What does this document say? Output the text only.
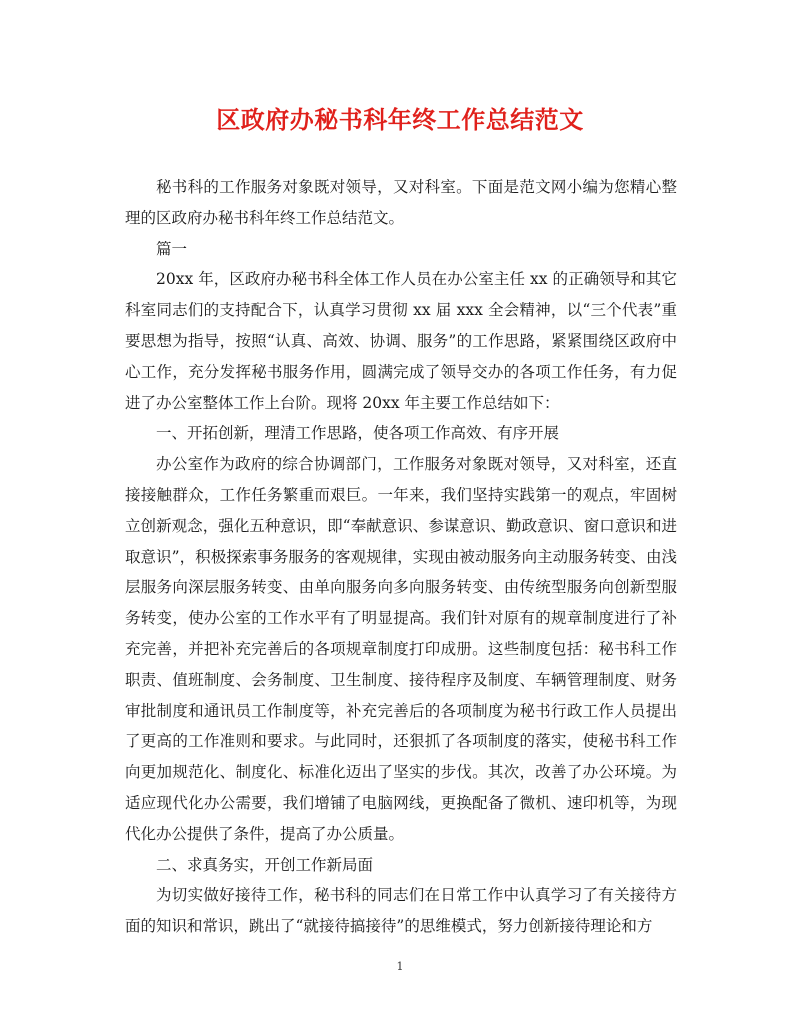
区政府办秘书科年终工作总结范文

秘书科的工作服务对象既对领导，又对科室。下面是范文网小编为您精心整理的区政府办秘书科年终工作总结范文。

篇一

20xx 年，区政府办秘书科全体工作人员在办公室主任 xx 的正确领导和其它科室同志们的支持配合下，认真学习贯彻 xx 届 xxx 全会精神，以“三个代表”重要思想为指导，按照“认真、高效、协调、服务”的工作思路，紧紧围绕区政府中心工作，充分发挥秘书服务作用，圆满完成了领导交办的各项工作任务，有力促进了办公室整体工作上台阶。现将 20xx 年主要工作总结如下：

一、开拓创新，理清工作思路，使各项工作高效、有序开展

办公室作为政府的综合协调部门，工作服务对象既对领导，又对科室，还直接接触群众，工作任务繁重而艰巨。一年来，我们坚持实践第一的观点，牢固树立创新观念，强化五种意识，即“奉献意识、参谋意识、勤政意识、窗口意识和进取意识”，积极探索事务服务的客观规律，实现由被动服务向主动服务转变、由浅层服务向深层服务转变、由单向服务向多向服务转变、由传统型服务向创新型服务转变，使办公室的工作水平有了明显提高。我们针对原有的规章制度进行了补充完善，并把补充完善后的各项规章制度打印成册。这些制度包括：秘书科工作职责、值班制度、会务制度、卫生制度、接待程序及制度、车辆管理制度、财务审批制度和通讯员工作制度等，补充完善后的各项制度为秘书行政工作人员提出了更高的工作准则和要求。与此同时，还狠抓了各项制度的落实，使秘书科工作向更加规范化、制度化、标准化迈出了坚实的步伐。其次，改善了办公环境。为适应现代化办公需要，我们增铺了电脑网线，更换配备了微机、速印机等，为现代化办公提供了条件，提高了办公质量。

二、求真务实，开创工作新局面

为切实做好接待工作，秘书科的同志们在日常工作中认真学习了有关接待方面的知识和常识，跳出了“就接待搞接待”的思维模式，努力创新接待理论和方

1
